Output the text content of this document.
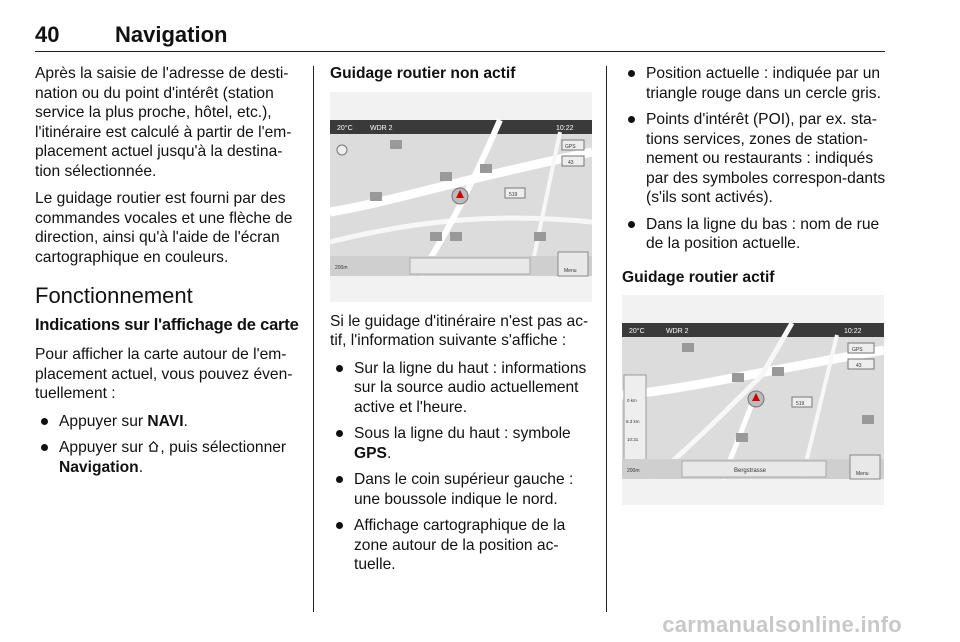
40	Navigation

Après la saisie de l'adresse de desti-nation ou du point d'intérêt (station service la plus proche, hôtel, etc.), l'itinéraire est calculé à partir de l'em-placement actuel jusqu'à la destina-tion sélectionnée.

Le guidage routier est fourni par des commandes vocales et une flèche de direction, ainsi qu'à l'aide de l'écran cartographique en couleurs.

Fonctionnement
Indications sur l'affichage de carte

Pour afficher la carte autour de l'em-placement actuel, vous pouvez éven-tuellement :

Appuyer sur NAVI.
Appuyer sur , puis sélectionner Navigation.

Guidage routier non actif

20°C WDR 2	10:22
GPS
43
519
200m	Menu

Si le guidage d'itinéraire n'est pas ac-tif, l'information suivante s'affiche :

Sur la ligne du haut : informations sur la source audio actuellement active et l'heure.
Sous la ligne du haut : symbole GPS.
Dans le coin supérieur gauche : une boussole indique le nord.
Affichage cartographique de la zone autour de la position ac-tuelle.
Position actuelle : indiquée par un triangle rouge dans un cercle gris.
Points d'intérêt (POI), par ex. sta-tions services, zones de station-nement ou restaurants : indiqués par des symboles correspon-dants (s'ils sont activés).
Dans la ligne du bas : nom de rue de la position actuelle.

Guidage routier actif

20°C	WDR 2	10:22
GPS
43
519
0 km
8.3 km
10:31
200m	Bergstrasse	Menu
carmanualsonline.info
